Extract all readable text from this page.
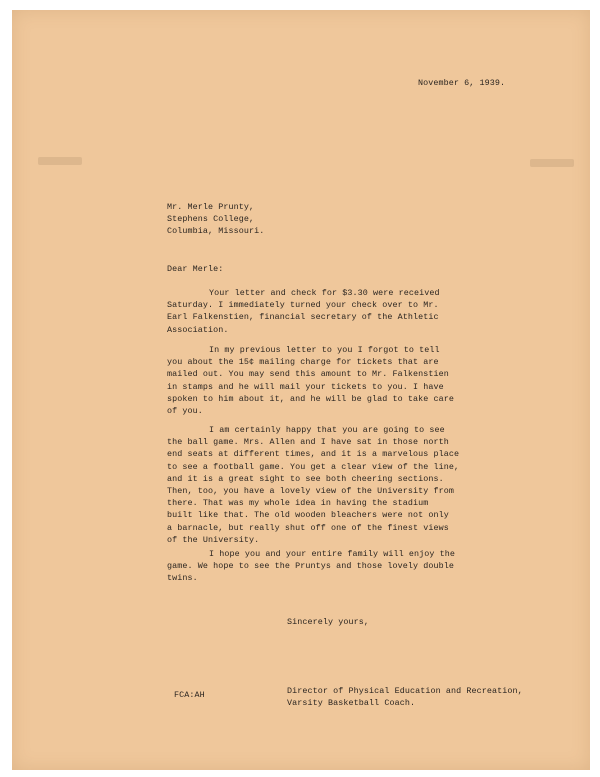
November 6, 1939.

Mr. Merle Prunty,

Stephens College,

Columbia, Missouri.

Dear Merle:

Your letter and check for $3.30 were received

Saturday. I immediately turned your check over to Mr.

Earl Falkenstien, financial secretary of the Athletic

Association.

In my previous letter to you I forgot to tell

you about the 15¢ mailing charge for tickets that are

mailed out. You may send this amount to Mr. Falkenstien

in stamps and he will mail your tickets to you. I have

spoken to him about it, and he will be glad to take care

of you.

I am certainly happy that you are going to see

the ball game. Mrs. Allen and I have sat in those north

end seats at different times, and it is a marvelous place

to see a football game. You get a clear view of the line,

and it is a great sight to see both cheering sections.

Then, too, you have a lovely view of the University from

there. That was my whole idea in having the stadium

built like that. The old wooden bleachers were not only

a barnacle, but really shut off one of the finest views

of the University.

I hope you and your entire family will enjoy the

game. We hope to see the Pruntys and those lovely double

twins.

Sincerely yours,

Director of Physical Education and Recreation,

Varsity Basketball Coach.

FCA:AH
